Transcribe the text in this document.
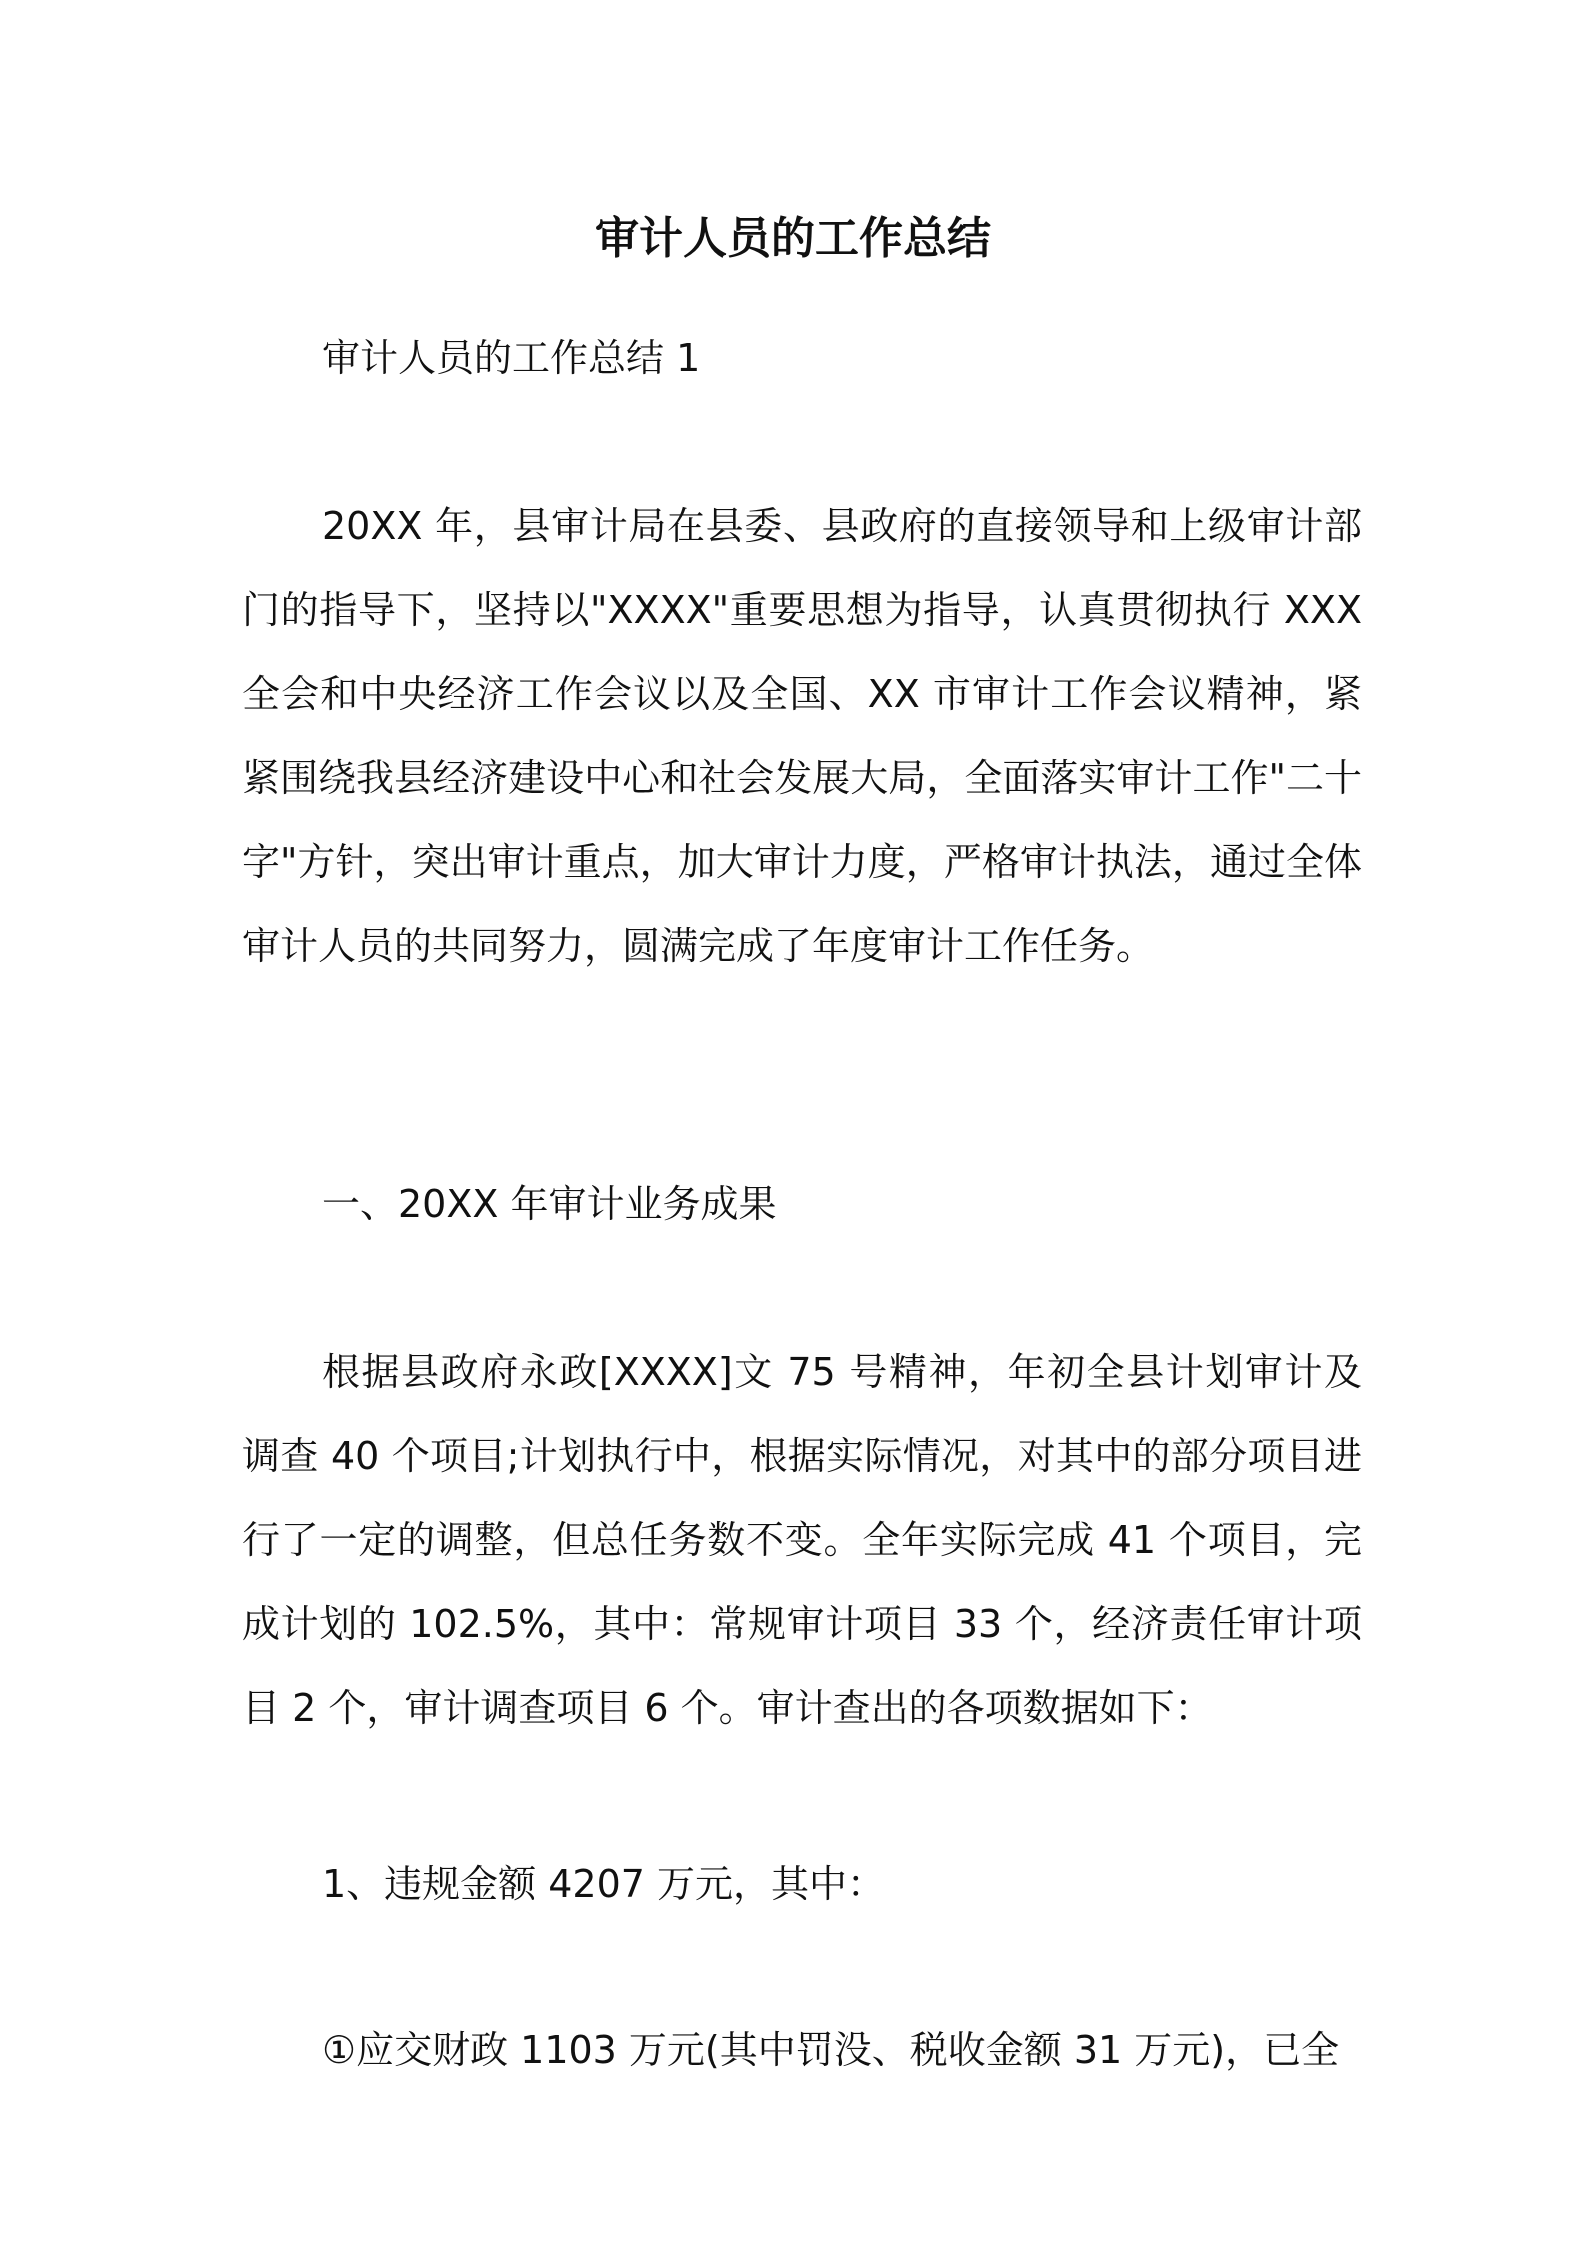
审计人员的工作总结

审计人员的工作总结 1

20XX 年，县审计局在县委、县政府的直接领导和上级审计部门的指导下，坚持以"XXXX"重要思想为指导，认真贯彻执行 XXX 全会和中央经济工作会议以及全国、XX 市审计工作会议精神，紧紧围绕我县经济建设中心和社会发展大局，全面落实审计工作"二十字"方针，突出审计重点，加大审计力度，严格审计执法，通过全体审计人员的共同努力，圆满完成了年度审计工作任务。

一、20XX 年审计业务成果

根据县政府永政[XXXX]文 75 号精神，年初全县计划审计及调查 40 个项目;计划执行中，根据实际情况，对其中的部分项目进行了一定的调整，但总任务数不变。全年实际完成 41 个项目，完成计划的 102.5%，其中：常规审计项目 33 个，经济责任审计项目 2 个，审计调查项目 6 个。审计查出的各项数据如下：

1、违规金额 4207 万元，其中：

①应交财政 1103 万元(其中罚没、税收金额 31 万元)，已全
